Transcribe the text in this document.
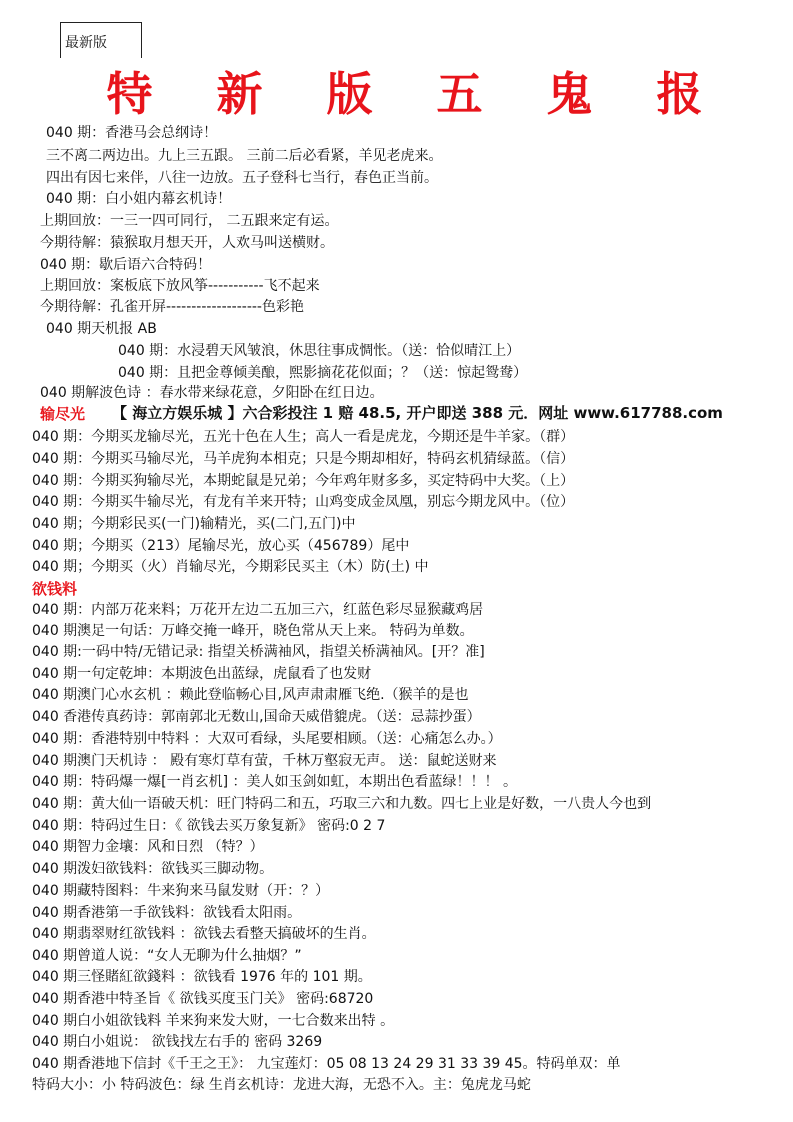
最新版
特 新 版 五 鬼 报
040 期：香港马会总纲诗！
三不离二两边出。九上三五跟。 三前二后必看紧，羊见老虎来。
四出有因七来伴，八往一边放。五子登科七当行，春色正当前。
040 期：白小姐内幕玄机诗！
上期回放：一三一四可同行， 二五跟来定有运。
今期待解：猿猴取月想天开，人欢马叫送横财。
040 期：歇后语六合特码！
上期回放：案板底下放风筝-----------飞不起来
今期待解：孔雀开屏-------------------色彩艳
040 期天机报 AB
040 期：水浸碧天风皱浪，休思往事成惆怅。（送：恰似晴江上）
040 期：且把金尊倾美酿，煕影摘花花似面；？（送：惊起鸳鸯）
040 期解波色诗 ：春水带来绿花意，夕阳卧在红日边。
040 期：今期买龙输尽光，五光十色在人生；高人一看是虎龙，今期还是牛羊家。（群）
040 期：今期买马输尽光，马羊虎狗本相克；只是今期却相好，特码玄机猜绿蓝。（信）
040 期：今期买狗输尽光，本期蛇鼠是兄弟；今年鸡年财多多，买定特码中大奖。（上）
040 期：今期买牛输尽光，有龙有羊来开特；山鸡变成金凤凰，别忘今期龙风中。（位）
040 期；今期彩民买(一门)输精光，买(二门,五门)中
040 期；今期买（213）尾输尽光，放心买（456789）尾中
040 期；今期买（火）肖输尽光，今期彩民买主（木）防(土) 中
040 期：内部万花来料；万花开左边二五加三六，红蓝色彩尽显猴藏鸡居
040 期澳足一句话：万峰交掩一峰开，晓色常从天上来。 特码为单数。
040 期:一码中特/无错记录: 指望关桥满袖风，指望关桥满袖风。[开？准]
040 期一句定乾坤：本期波色出蓝绿，虎鼠看了也发财
040 期澳门心水玄机 ：赖此登临畅心目,风声肃肃雁飞绝.（猴羊的是也
040 香港传真药诗：郭南郭北无数山,国命天威借貔虎。（送：忌蒜抄蛋）
040 期：香港特别中特料 ：大双可看绿，头尾要相顾。（送：心痛怎么办。）
040 期澳门天机诗 ： 殿有寒灯草有萤，千林万壑寂无声。 送：鼠蛇送财来
040 期：特码爆一爆[一肖玄机] ：美人如玉剑如虹，本期出色看蓝绿！！！ 。
040 期：黄大仙一语破天机：旺门特码二和五，巧取三六和九数。四七上业是好数，一八贵人今也到
040 期：特码过生日：《 欲钱去买万象复新》 密码:0 2 7
040 期智力金壤：风和日烈 （特？）
040 期泼妇欲钱料：欲钱买三脚动物。
040 期藏特图料：牛来狗来马鼠发财（开：？）
040 期香港第一手欲钱料：欲钱看太阳雨。
040 期翡翠财红欲钱料 ：欲钱去看整天搞破坏的生肖。
040 期曾道人说：“女人无聊为什么抽烟？”
040 期三怪賭紅欲錢料 ：欲钱看 1976 年的 101 期。
040 期香港中特圣旨《 欲钱买度玉门关》 密码:68720
040 期白小姐欲钱料 羊来狗来发大财，一七合数来出特 。
040 期白小姐说： 欲钱找左右手的 密码 3269
040 期香港地下信封《千王之王》： 九宝莲灯：05 08 13 24 29 31 33 39 45。特码单双：单
特码大小：小 特码波色：绿 生肖玄机诗：龙进大海，无恐不入。主：兔虎龙马蛇
输尽光 【 海立方娱乐城 】六合彩投注 1 赔 48.5, 开户即送 388 元．网址 www.617788.com
欲钱料
